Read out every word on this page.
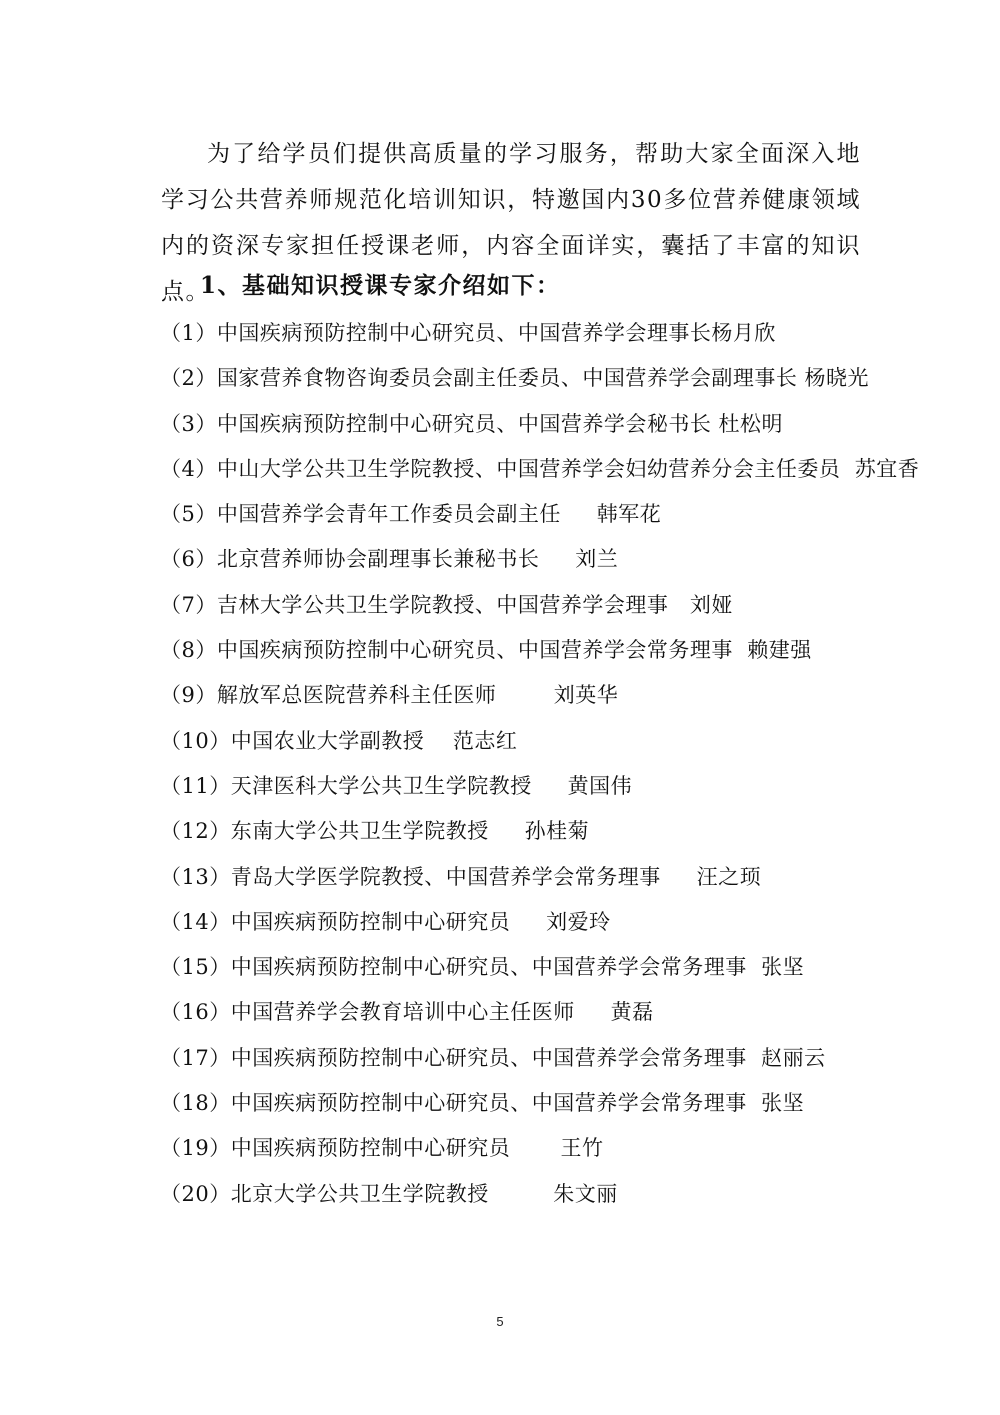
为了给学员们提供高质量的学习服务，帮助大家全面深入地学习公共营养师规范化培训知识，特邀国内30多位营养健康领域内的资深专家担任授课老师，内容全面详实，囊括了丰富的知识点。

1、基础知识授课专家介绍如下：

（1）中国疾病预防控制中心研究员、中国营养学会理事长杨月欣
（2）国家营养食物咨询委员会副主任委员、中国营养学会副理事长 杨晓光
（3）中国疾病预防控制中心研究员、中国营养学会秘书长 杜松明
（4）中山大学公共卫生学院教授、中国营养学会妇幼营养分会主任委员  苏宜香
（5）中国营养学会青年工作委员会副主任     韩军花
（6）北京营养师协会副理事长兼秘书长     刘兰
（7）吉林大学公共卫生学院教授、中国营养学会理事   刘娅
（8）中国疾病预防控制中心研究员、中国营养学会常务理事  赖建强
（9）解放军总医院营养科主任医师        刘英华
（10）中国农业大学副教授    范志红
（11）天津医科大学公共卫生学院教授     黄国伟
（12）东南大学公共卫生学院教授     孙桂菊
（13）青岛大学医学院教授、中国营养学会常务理事     汪之顼
（14）中国疾病预防控制中心研究员     刘爱玲
（15）中国疾病预防控制中心研究员、中国营养学会常务理事  张坚
（16）中国营养学会教育培训中心主任医师     黄磊
（17）中国疾病预防控制中心研究员、中国营养学会常务理事  赵丽云
（18）中国疾病预防控制中心研究员、中国营养学会常务理事  张坚
（19）中国疾病预防控制中心研究员       王竹
（20）北京大学公共卫生学院教授         朱文丽
5
